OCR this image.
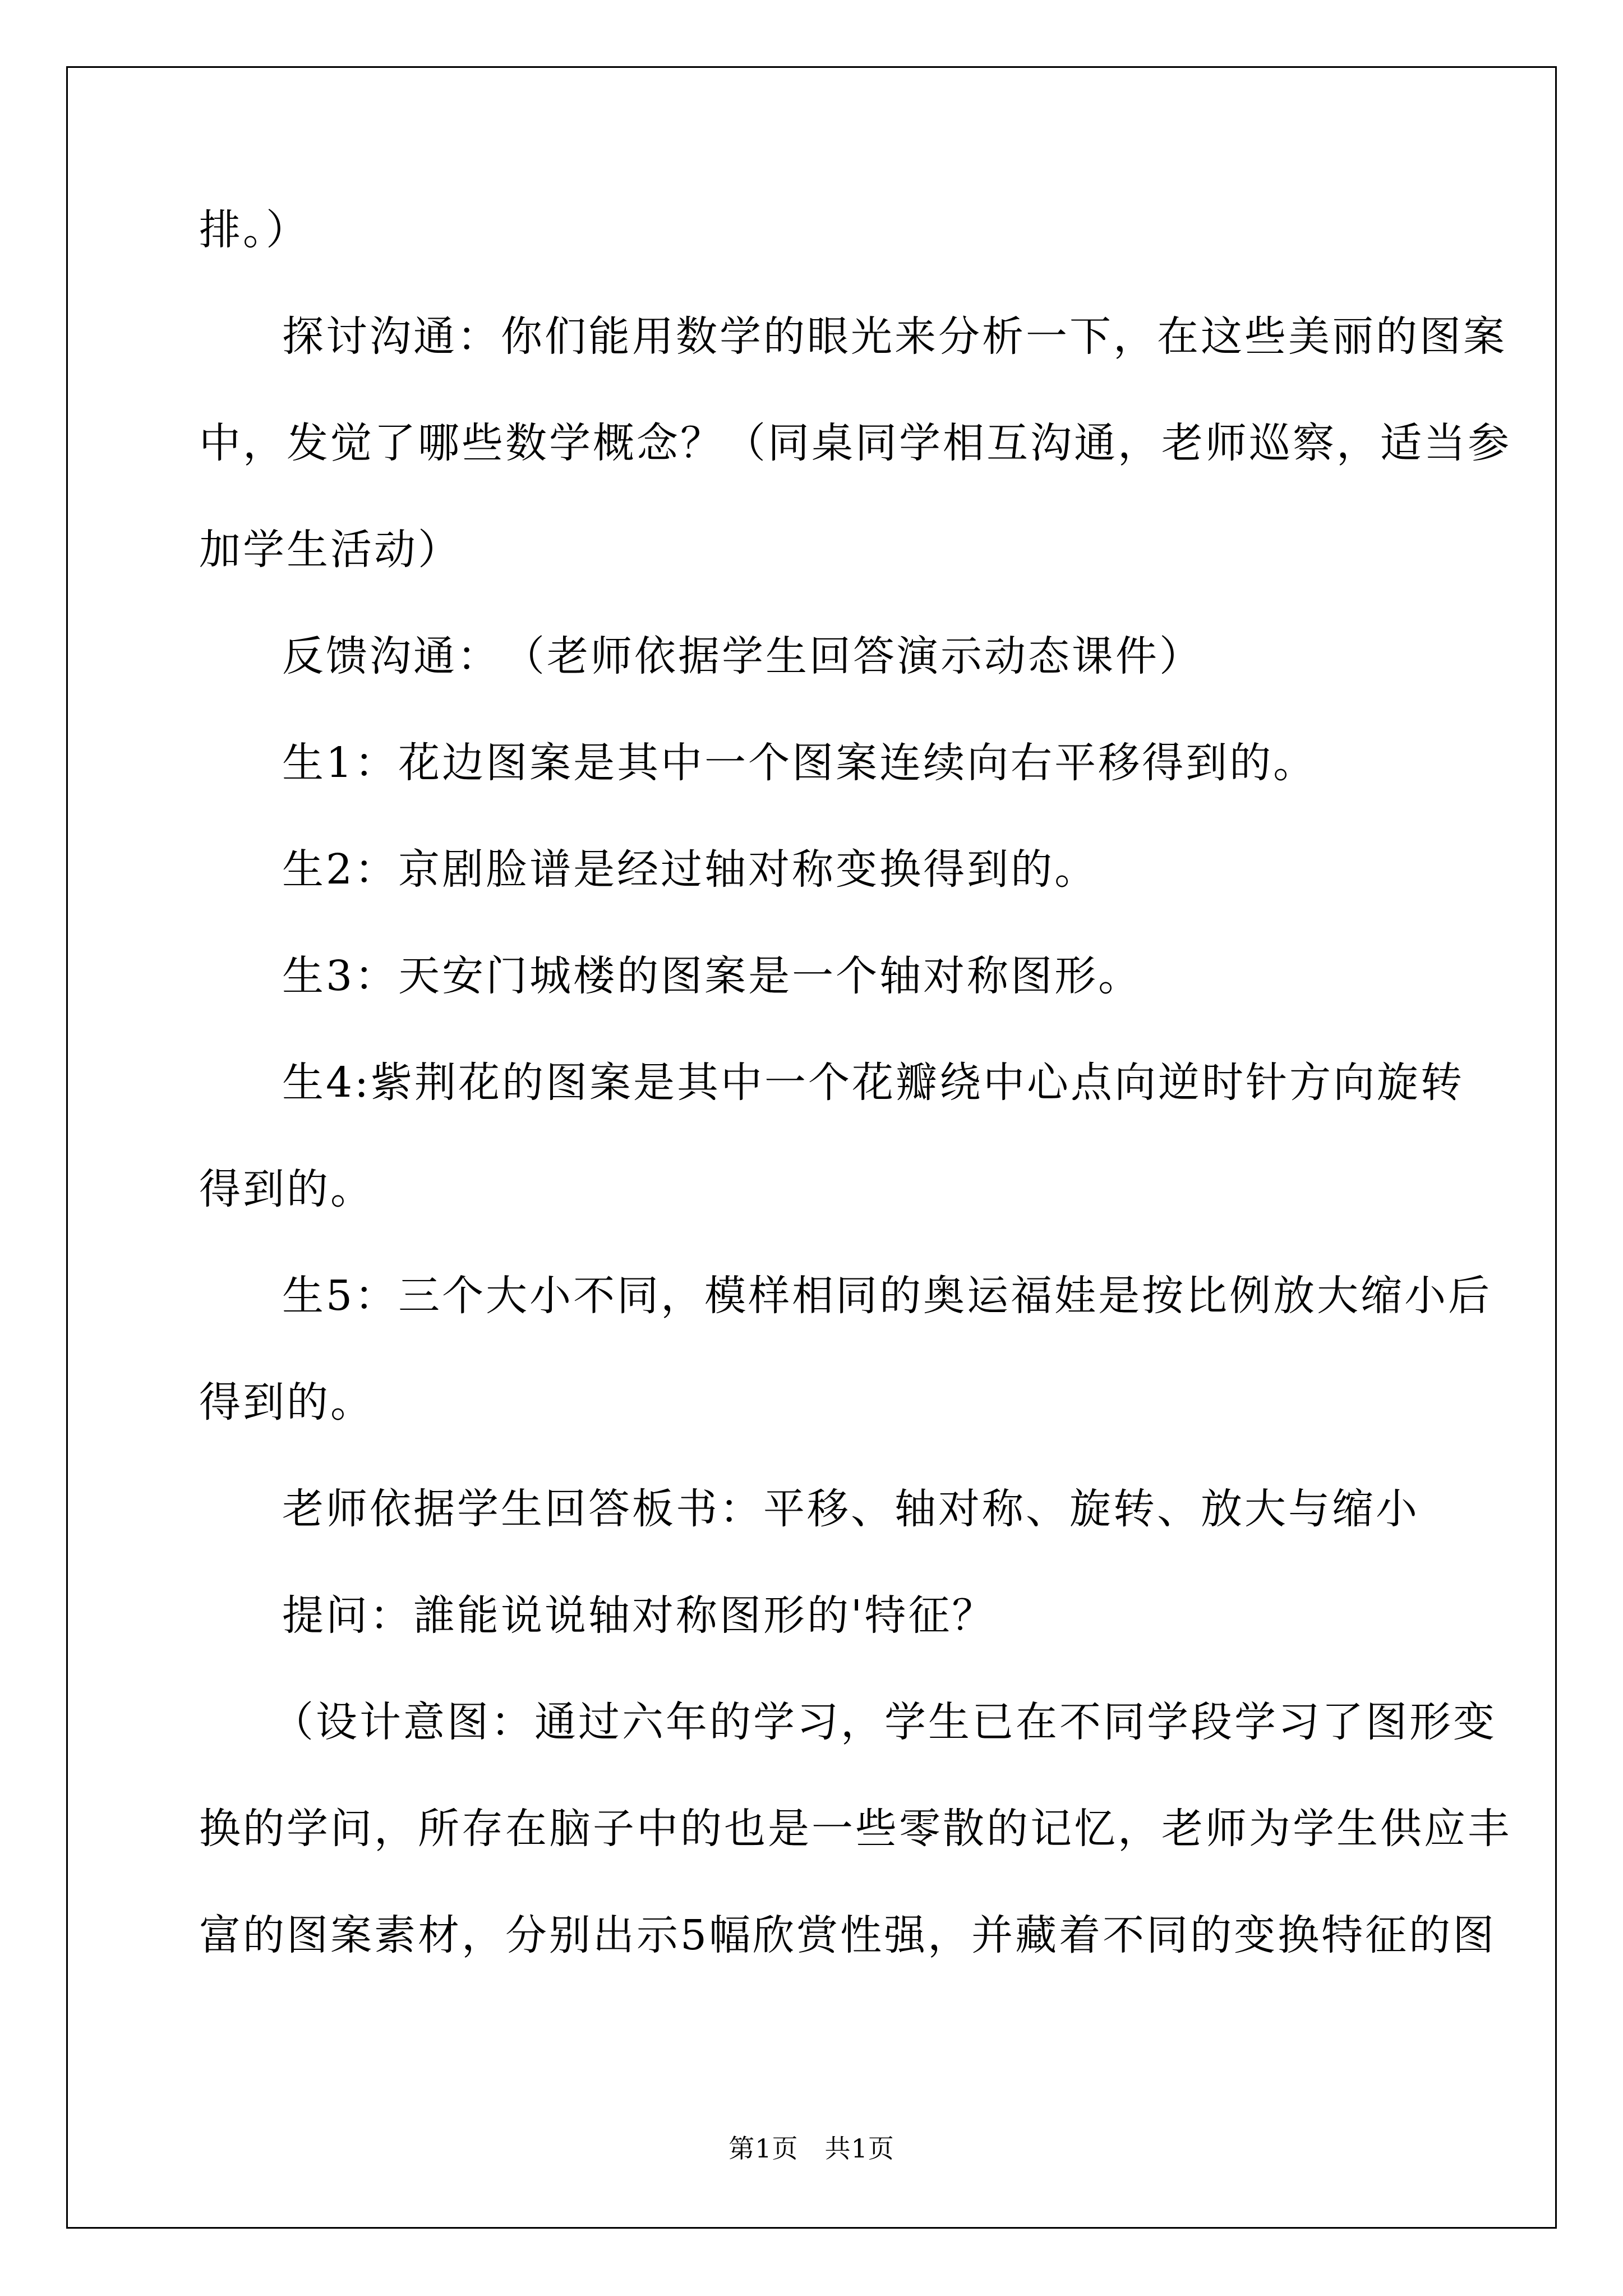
排。）
探讨沟通：你们能用数学的眼光来分析一下，在这些美丽的图案
中，发觉了哪些数学概念？（同桌同学相互沟通，老师巡察，适当参
加学生活动）
反馈沟通：　（老师依据学生回答演示动态课件）
生1：花边图案是其中一个图案连续向右平移得到的。
生2：京剧脸谱是经过轴对称变换得到的。
生3：天安门城楼的图案是一个轴对称图形。
生4:紫荆花的图案是其中一个花瓣绕中心点向逆时针方向旋转
得到的。
生5：三个大小不同，模样相同的奥运福娃是按比例放大缩小后
得到的。
老师依据学生回答板书：平移、轴对称、旋转、放大与缩小
提问：誰能说说轴对称图形的'特征？
（设计意图：通过六年的学习，学生已在不同学段学习了图形变
换的学问，所存在脑子中的也是一些零散的记忆，老师为学生供应丰
富的图案素材，分别出示5幅欣赏性强，并藏着不同的变换特征的图
第1页　共1页
